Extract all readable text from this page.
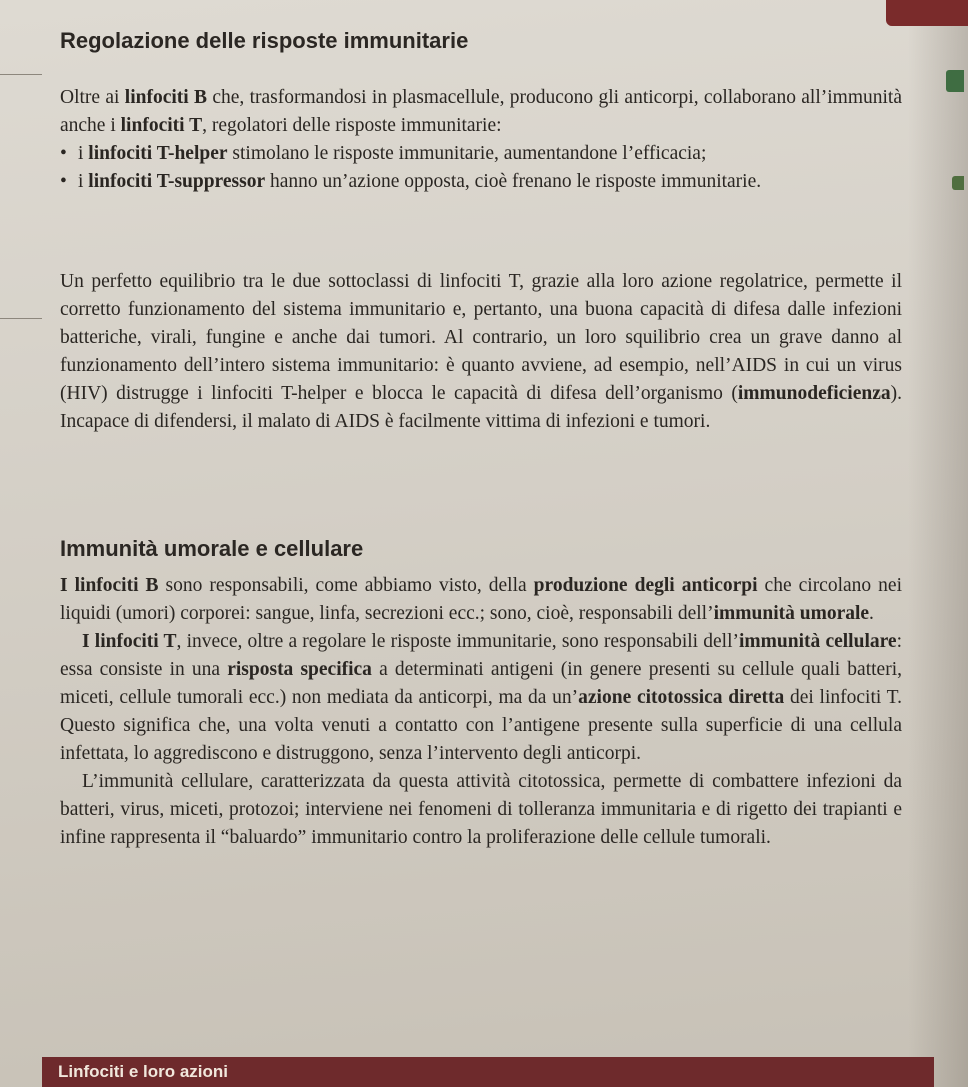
Regolazione delle risposte immunitarie

Oltre ai linfociti B che, trasformandosi in plasmacellule, producono gli anticorpi, collaborano all’immunità anche i linfociti T, regolatori delle risposte immunitarie:

• i linfociti T-helper stimolano le risposte immunitarie, aumentandone l’efficacia;
• i linfociti T-suppressor hanno un’azione opposta, cioè frenano le risposte immunitarie.

Un perfetto equilibrio tra le due sottoclassi di linfociti T, grazie alla loro azione regolatrice, permette il corretto funzionamento del sistema immunitario e, pertanto, una buona capacità di difesa dalle infezioni batteriche, virali, fungine e anche dai tumori. Al contrario, un loro squilibrio crea un grave danno al funzionamento dell’intero sistema immunitario: è quanto avviene, ad esempio, nell’AIDS in cui un virus (HIV) distrugge i linfociti T-helper e blocca le capacità di difesa dell’organismo (immunodeficienza). Incapace di difendersi, il malato di AIDS è facilmente vittima di infezioni e tumori.

Immunità umorale e cellulare

I linfociti B sono responsabili, come abbiamo visto, della produzione degli anticorpi che circolano nei liquidi (umori) corporei: sangue, linfa, secrezioni ecc.; sono, cioè, responsabili dell’immunità umorale.

I linfociti T, invece, oltre a regolare le risposte immunitarie, sono responsabili dell’immunità cellulare: essa consiste in una risposta specifica a determinati antigeni (in genere presenti su cellule quali batteri, miceti, cellule tumorali ecc.) non mediata da anticorpi, ma da un’azione citotossica diretta dei linfociti T. Questo significa che, una volta venuti a contatto con l’antigene presente sulla superficie di una cellula infettata, lo aggrediscono e distruggono, senza l’intervento degli anticorpi.

L’immunità cellulare, caratterizzata da questa attività citotossica, permette di combattere infezioni da batteri, virus, miceti, protozoi; interviene nei fenomeni di tolleranza immunitaria e di rigetto dei trapianti e infine rappresenta il “baluardo” immunitario contro la proliferazione delle cellule tumorali.

Linfociti e loro azioni
